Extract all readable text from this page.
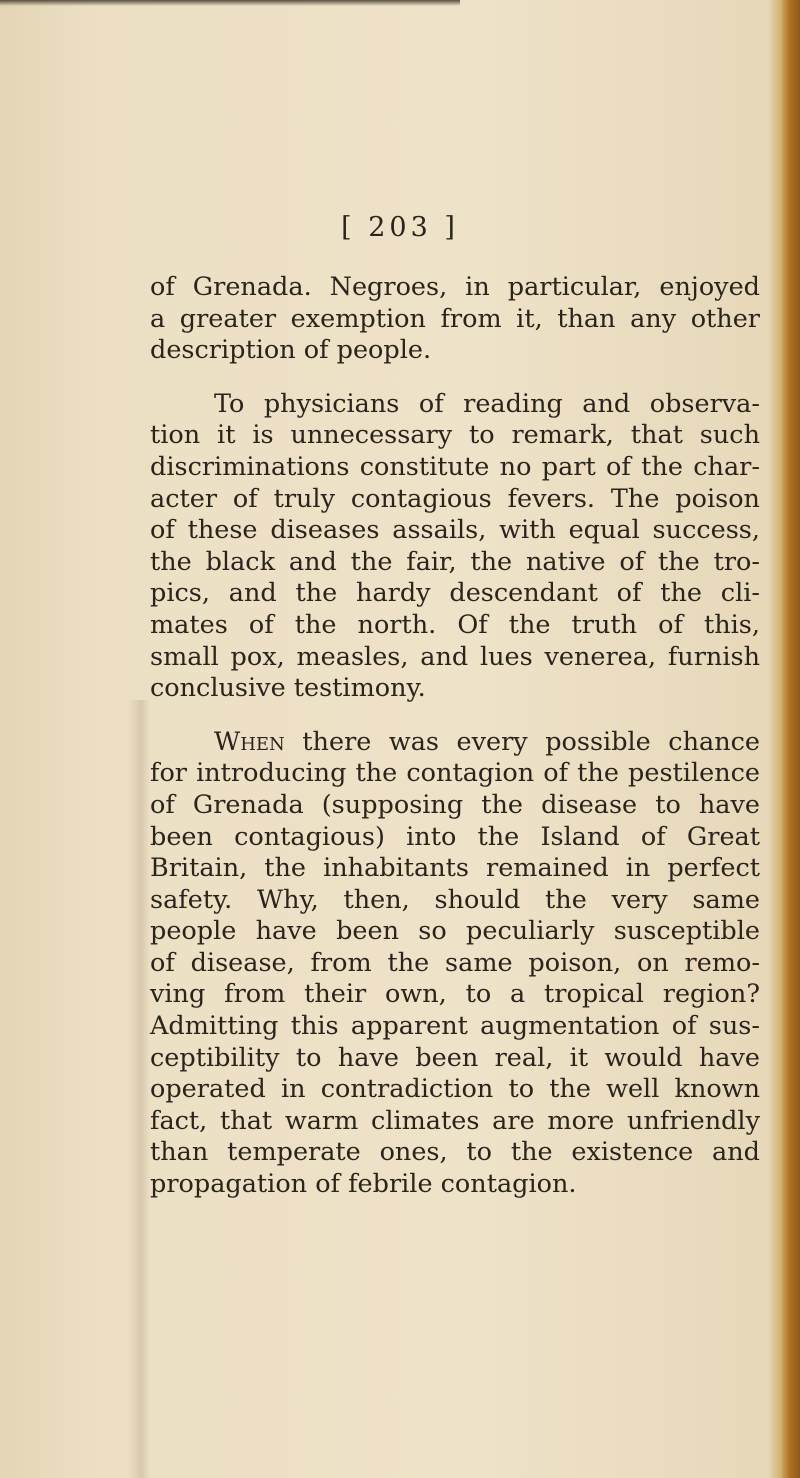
[ 203 ]
of Grenada. Negroes, in particular, enjoyed
a greater exemption from it, than any other
description of people.
To physicians of reading and observa-
tion it is unnecessary to remark, that such
discriminations constitute no part of the char-
acter of truly contagious fevers. The poison
of these diseases assails, with equal success,
the black and the fair, the native of the tro-
pics, and the hardy descendant of the cli-
mates of the north. Of the truth of this,
small pox, measles, and lues venerea, furnish
conclusive testimony.
When there was every possible chance
for introducing the contagion of the pestilence
of Grenada (supposing the disease to have
been contagious) into the Island of Great
Britain, the inhabitants remained in perfect
safety. Why, then, should the very same
people have been so peculiarly susceptible
of disease, from the same poison, on remo-
ving from their own, to a tropical region?
Admitting this apparent augmentation of sus-
ceptibility to have been real, it would have
operated in contradiction to the well known
fact, that warm climates are more unfriendly
than temperate ones, to the existence and
propagation of febrile contagion.
